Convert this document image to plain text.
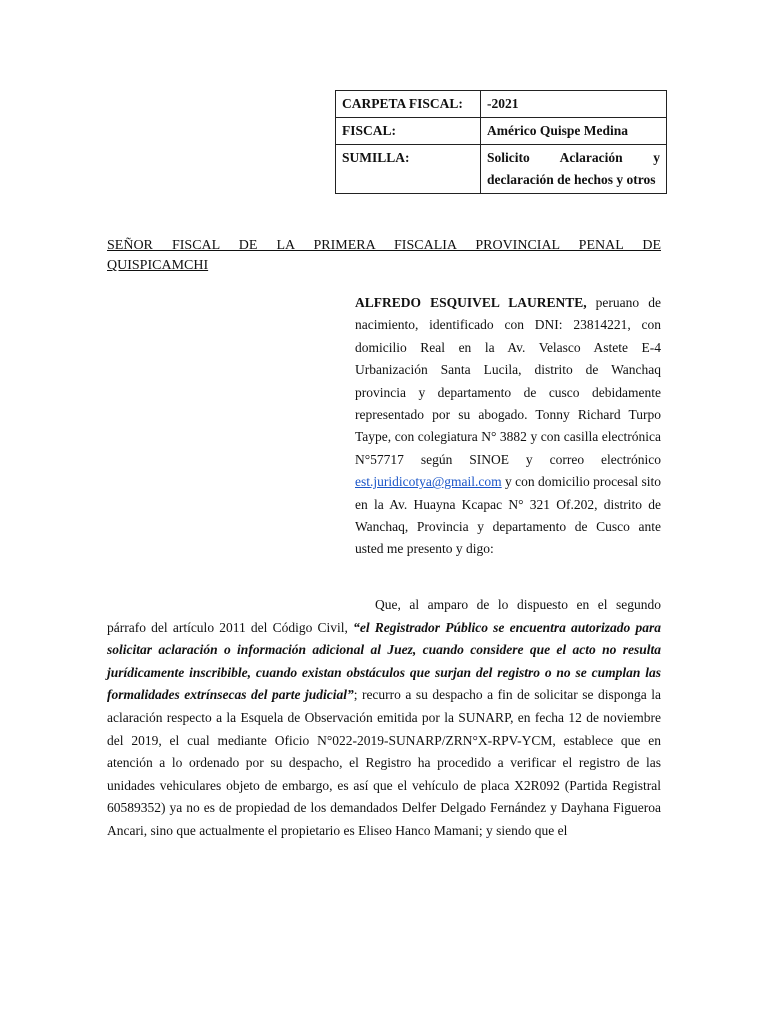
CARPETA FISCAL:	-2021
FISCAL:	Américo Quispe Medina
SUMILLA:	Solicito Aclaración y declaración de hechos y otros
SEÑOR FISCAL DE LA PRIMERA FISCALIA PROVINCIAL PENAL DE
QUISPICAMCHI
ALFREDO ESQUIVEL LAURENTE, peruano de nacimiento, identificado con DNI: 23814221, con domicilio Real en la Av. Velasco Astete E-4 Urbanización Santa Lucila, distrito de Wanchaq provincia y departamento de cusco debidamente representado por su abogado. Tonny Richard Turpo Taype, con colegiatura N° 3882 y con casilla electrónica N°57717 según SINOE y correo electrónico est.juridicotya@gmail.com y con domicilio procesal sito en la Av. Huayna Kcapac N° 321 Of.202, distrito de Wanchaq, Provincia y departamento de Cusco ante usted me presento y digo:
Que, al amparo de lo dispuesto en el segundo párrafo del artículo 2011 del Código Civil, “el Registrador Público se encuentra autorizado para solicitar aclaración o información adicional al Juez, cuando considere que el acto no resulta jurídicamente inscribible, cuando existan obstáculos que surjan del registro o no se cumplan las formalidades extrínsecas del parte judicial”; recurro a su despacho a fin de solicitar se disponga la aclaración respecto a la Esquela de Observación emitida por la SUNARP, en fecha 12 de noviembre del 2019, el cual mediante Oficio N°022-2019-SUNARP/ZRN°X-RPV-YCM, establece que en atención a lo ordenado por su despacho, el Registro ha procedido a verificar el registro de las unidades vehiculares objeto de embargo, es así que el vehículo de placa X2R092 (Partida Registral 60589352) ya no es de propiedad de los demandados Delfer Delgado Fernández y Dayhana Figueroa Ancari, sino que actualmente el propietario es Eliseo Hanco Mamani; y siendo que el
